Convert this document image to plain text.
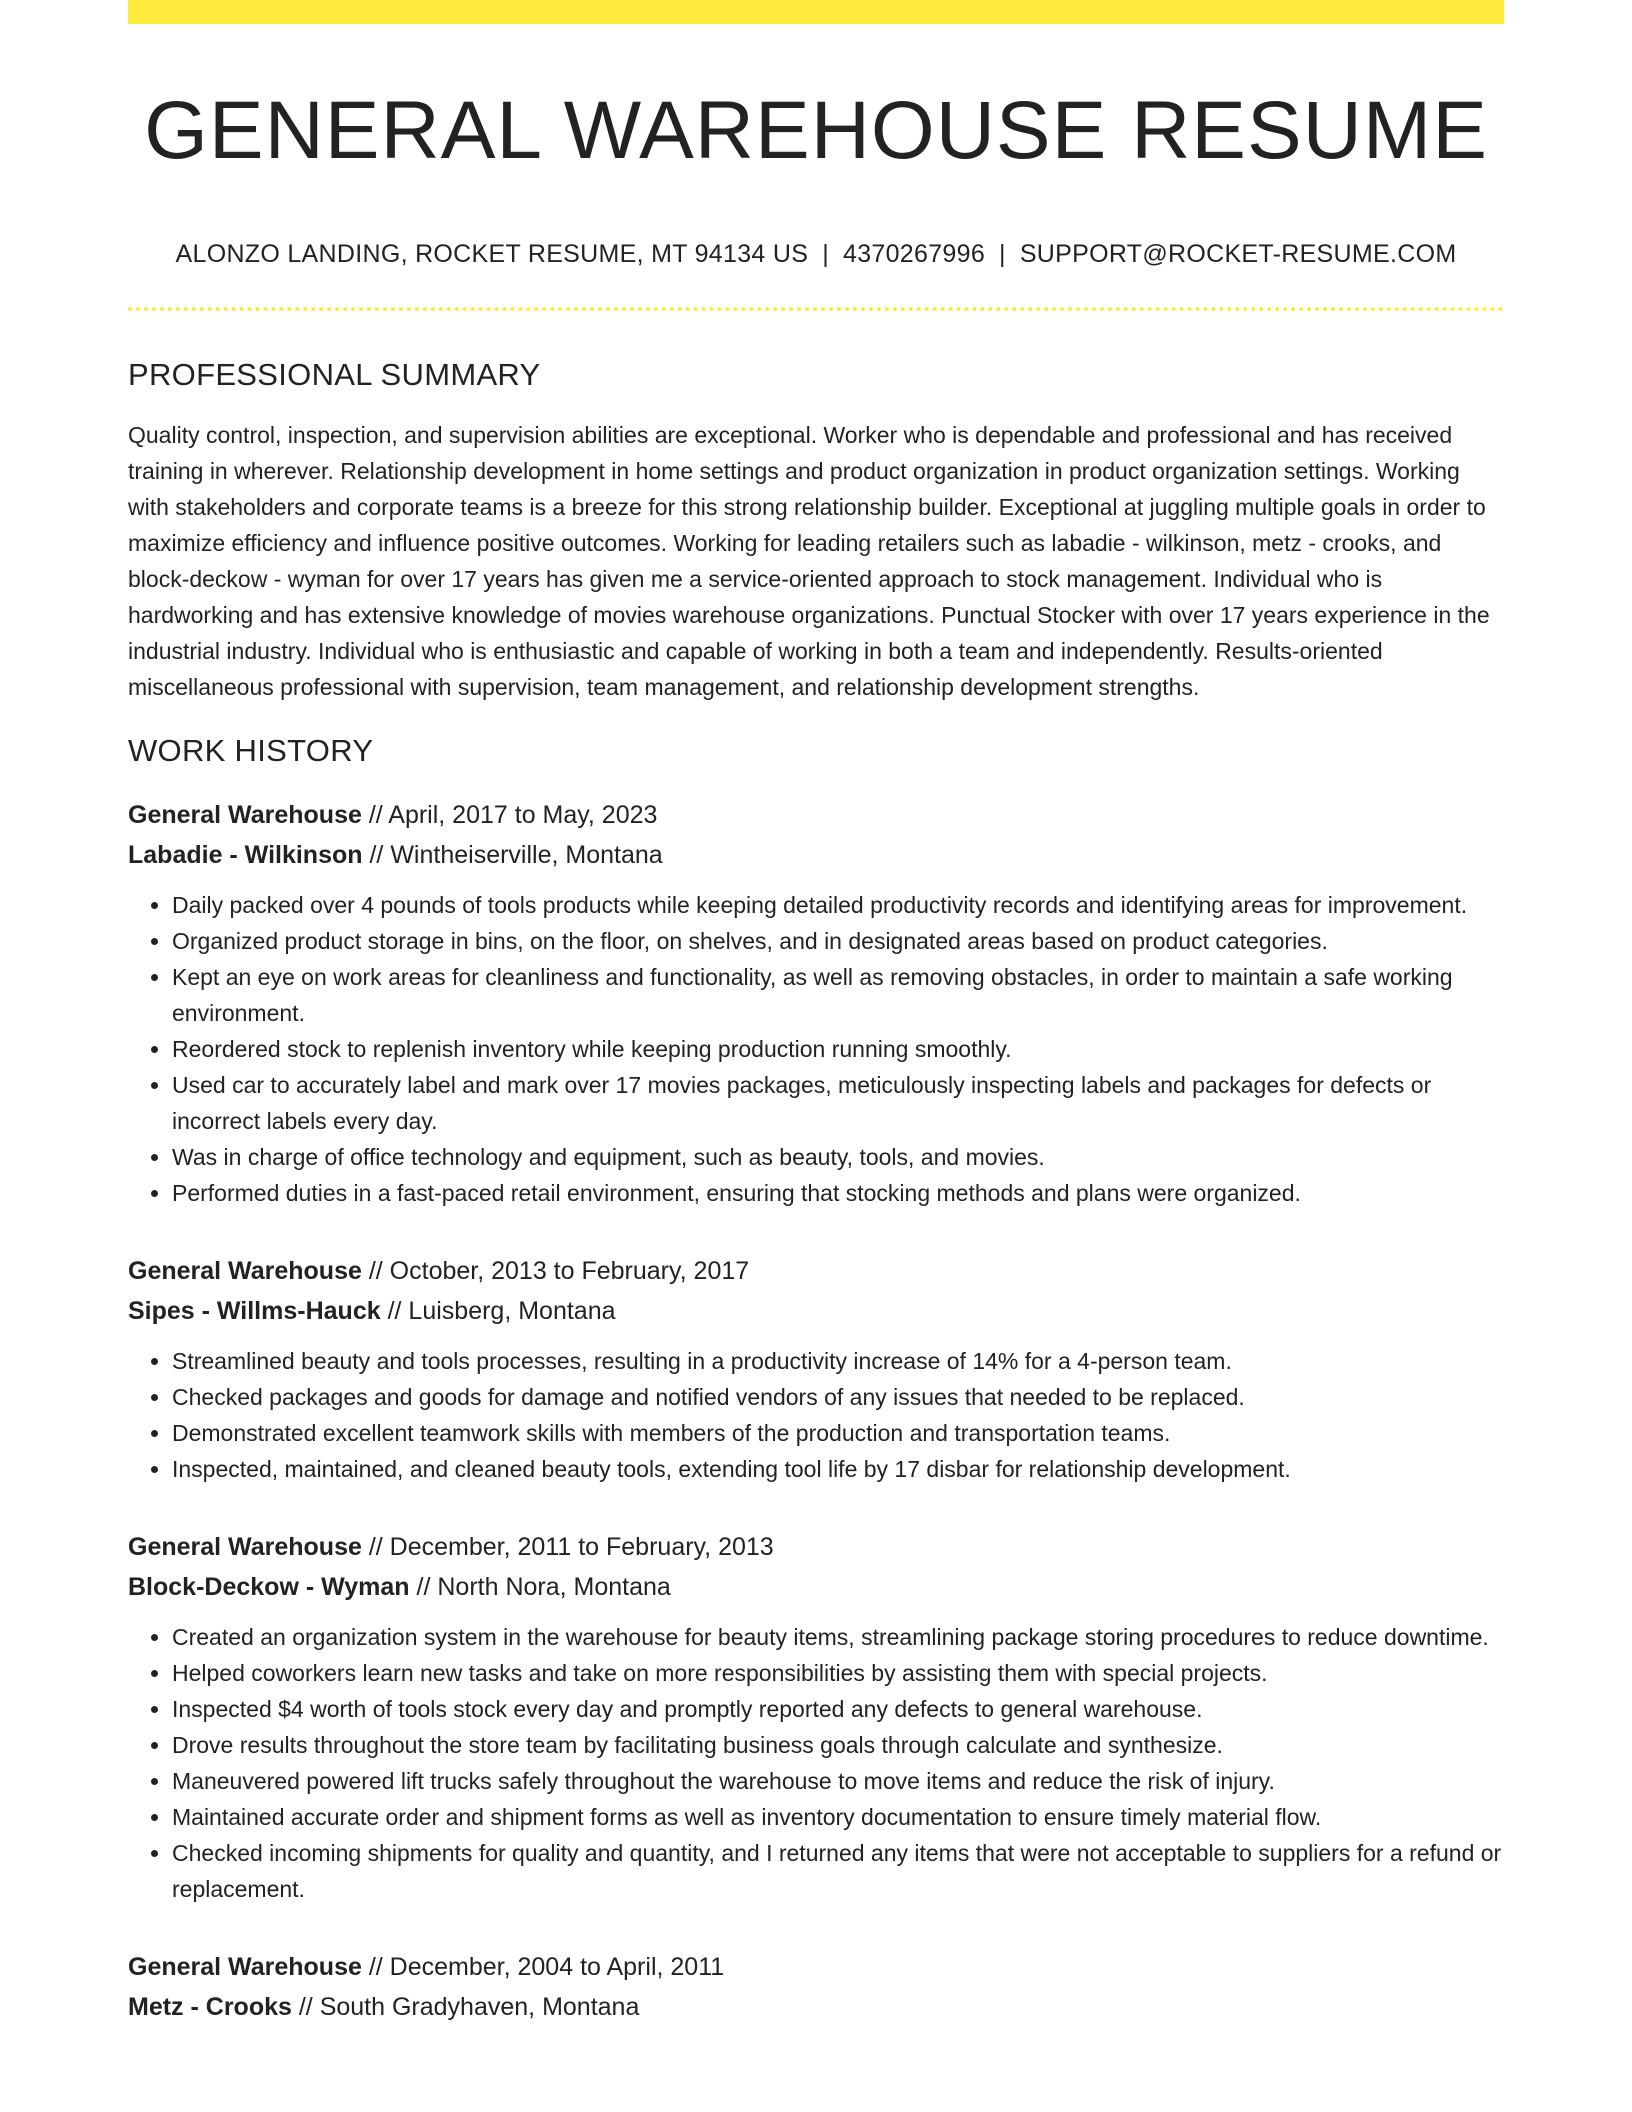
GENERAL WAREHOUSE RESUME
ALONZO LANDING, ROCKET RESUME, MT 94134 US | 4370267996 | SUPPORT@ROCKET-RESUME.COM
PROFESSIONAL SUMMARY

Quality control, inspection, and supervision abilities are exceptional. Worker who is dependable and professional and has received training in wherever. Relationship development in home settings and product organization in product organization settings. Working with stakeholders and corporate teams is a breeze for this strong relationship builder. Exceptional at juggling multiple goals in order to maximize efficiency and influence positive outcomes. Working for leading retailers such as labadie - wilkinson, metz - crooks, and block-deckow - wyman for over 17 years has given me a service-oriented approach to stock management. Individual who is hardworking and has extensive knowledge of movies warehouse organizations. Punctual Stocker with over 17 years experience in the industrial industry. Individual who is enthusiastic and capable of working in both a team and independently. Results-oriented miscellaneous professional with supervision, team management, and relationship development strengths.

WORK HISTORY
General Warehouse // April, 2017 to May, 2023
Labadie - Wilkinson // Wintheiserville, Montana
• Daily packed over 4 pounds of tools products while keeping detailed productivity records and identifying areas for improvement.
• Organized product storage in bins, on the floor, on shelves, and in designated areas based on product categories.
• Kept an eye on work areas for cleanliness and functionality, as well as removing obstacles, in order to maintain a safe working environment.
• Reordered stock to replenish inventory while keeping production running smoothly.
• Used car to accurately label and mark over 17 movies packages, meticulously inspecting labels and packages for defects or incorrect labels every day.
• Was in charge of office technology and equipment, such as beauty, tools, and movies.
• Performed duties in a fast-paced retail environment, ensuring that stocking methods and plans were organized.
General Warehouse // October, 2013 to February, 2017
Sipes - Willms-Hauck // Luisberg, Montana
• Streamlined beauty and tools processes, resulting in a productivity increase of 14% for a 4-person team.
• Checked packages and goods for damage and notified vendors of any issues that needed to be replaced.
• Demonstrated excellent teamwork skills with members of the production and transportation teams.
• Inspected, maintained, and cleaned beauty tools, extending tool life by 17 disbar for relationship development.
General Warehouse // December, 2011 to February, 2013
Block-Deckow - Wyman // North Nora, Montana
• Created an organization system in the warehouse for beauty items, streamlining package storing procedures to reduce downtime.
• Helped coworkers learn new tasks and take on more responsibilities by assisting them with special projects.
• Inspected $4 worth of tools stock every day and promptly reported any defects to general warehouse.
• Drove results throughout the store team by facilitating business goals through calculate and synthesize.
• Maneuvered powered lift trucks safely throughout the warehouse to move items and reduce the risk of injury.
• Maintained accurate order and shipment forms as well as inventory documentation to ensure timely material flow.
• Checked incoming shipments for quality and quantity, and I returned any items that were not acceptable to suppliers for a refund or replacement.
General Warehouse // December, 2004 to April, 2011
Metz - Crooks // South Gradyhaven, Montana
